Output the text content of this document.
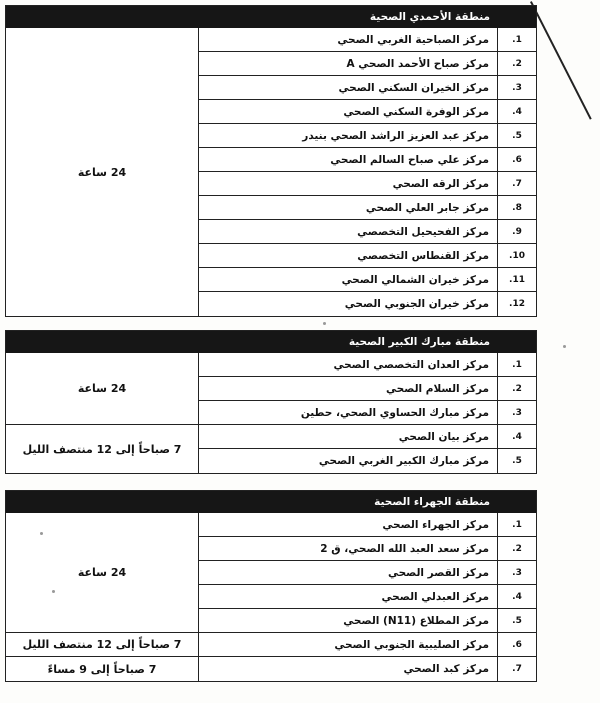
منطقة الأحمدي الصحية
1.
2.
3.
4.
5.
6.
7.
8.
9.
10.
11.
12.
مركز الصباحية الغربي الصحي
مركز صباح الأحمد الصحي A
مركز الخيران السكني الصحي
مركز الوفرة السكني الصحي
مركز عبد العزيز الراشد الصحي بنيدر
مركز علي صباح السالم الصحي
مركز الرقه الصحي
مركز جابر العلي الصحي
مركز الفحيحيل التخصصي
مركز القنطاس التخصصي
مركز خيران الشمالي الصحي
مركز خيران الجنوبي الصحي
24 ساعة
منطقة مبارك الكبير الصحية
1.
2.
3.
4.
5.
مركز العدان التخصصي الصحي
مركز السلام الصحي
مركز مبارك الحساوي الصحي، حطين
مركز بيان الصحي
مركز مبارك الكبير الغربي الصحي
24 ساعة
7 صباحاً إلى 12 منتصف الليل
منطقة الجهراء الصحية
1.
2.
3.
4.
5.
6.
7.
مركز الجهراء الصحي
مركز سعد العبد الله الصحي، ق 2
مركز القصر الصحي
مركز العبدلي الصحي
مركز المطلاع (N11) الصحي
مركز الصليبية الجنوبي الصحي
مركز كبد الصحي
24 ساعة
7 صباحاً إلى 12 منتصف الليل
7 صباحاً إلى 9 مساءً
